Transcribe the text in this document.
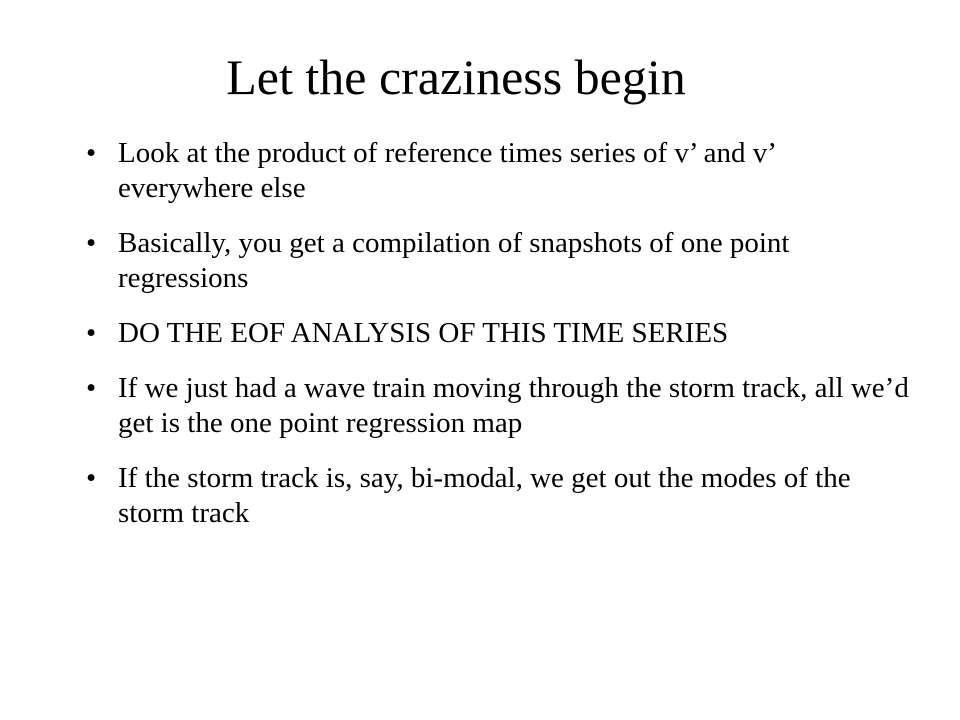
Let the craziness begin
• Look at the product of reference times series of v’ and v’ everywhere else
• Basically, you get a compilation of snapshots of one point regressions
• DO THE EOF ANALYSIS OF THIS TIME SERIES
• If we just had a wave train moving through the storm track, all we’d get is the one point regression map
• If the storm track is, say, bi-modal, we get out the modes of the storm track
